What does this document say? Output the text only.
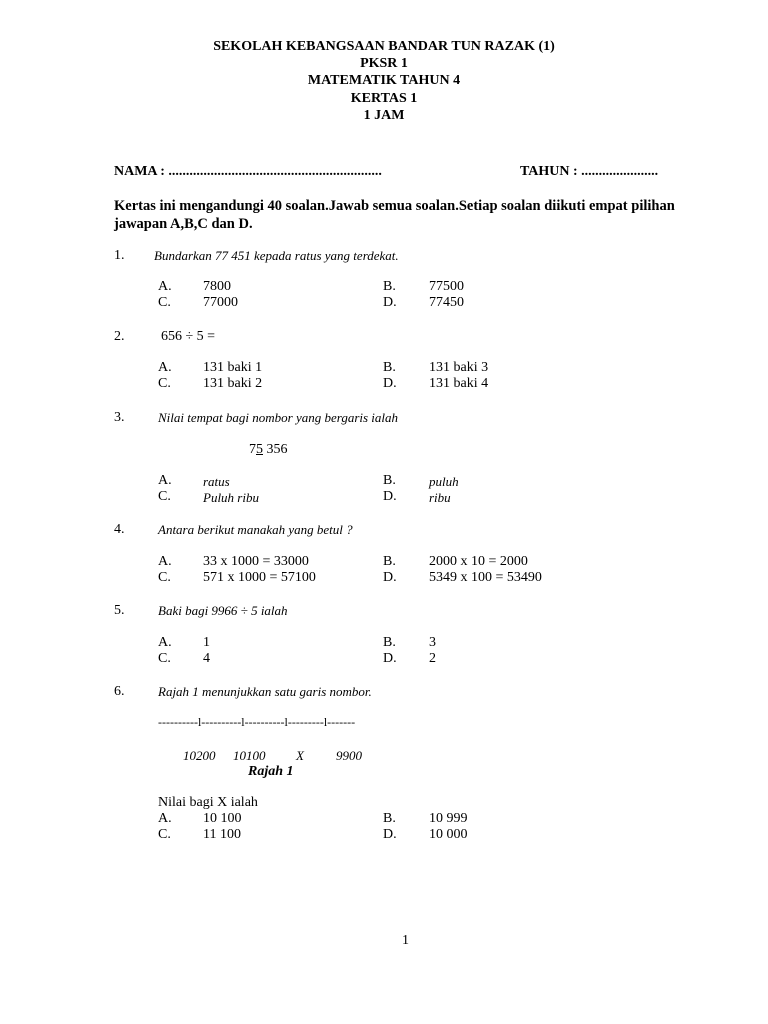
SEKOLAH KEBANGSAAN BANDAR TUN RAZAK (1)
PKSR 1
MATEMATIK TAHUN 4
KERTAS 1
1 JAM
NAMA : .............................................................	TAHUN : ......................
Kertas ini mengandungi 40 soalan.Jawab semua soalan.Setiap soalan diikuti empat pilihan
jawapan A,B,C dan D.
1. Bundarkan 77 451 kepada ratus yang terdekat.
A. 7800	B. 77500
C. 77000	D. 77450
2.	656 ÷ 5 =
A. 131 baki 1	B. 131 baki 3
C. 131 baki 2	D. 131 baki 4
3.	Nilai tempat bagi nombor yang bergaris ialah
75 356
A. ratus	B.	puluh
C. Puluh ribu	D. ribu
4.	Antara berikut manakah yang betul ?
A. 33 x 1000 = 33000	B. 2000 x 10 = 2000
C. 571 x 1000 = 57100	D. 5349 x 100 = 53490
5.	Baki bagi 9966 ÷ 5 ialah
A. 1	B. 3
C. 4	D. 2
6.	Rajah 1 menunjukkan satu garis nombor.
----------l----------l----------l---------l-------
10200 10100 X 9900
Rajah 1
Nilai bagi X ialah
A. 10 100	B. 10 999
C. 11 100	D. 10 000
1
